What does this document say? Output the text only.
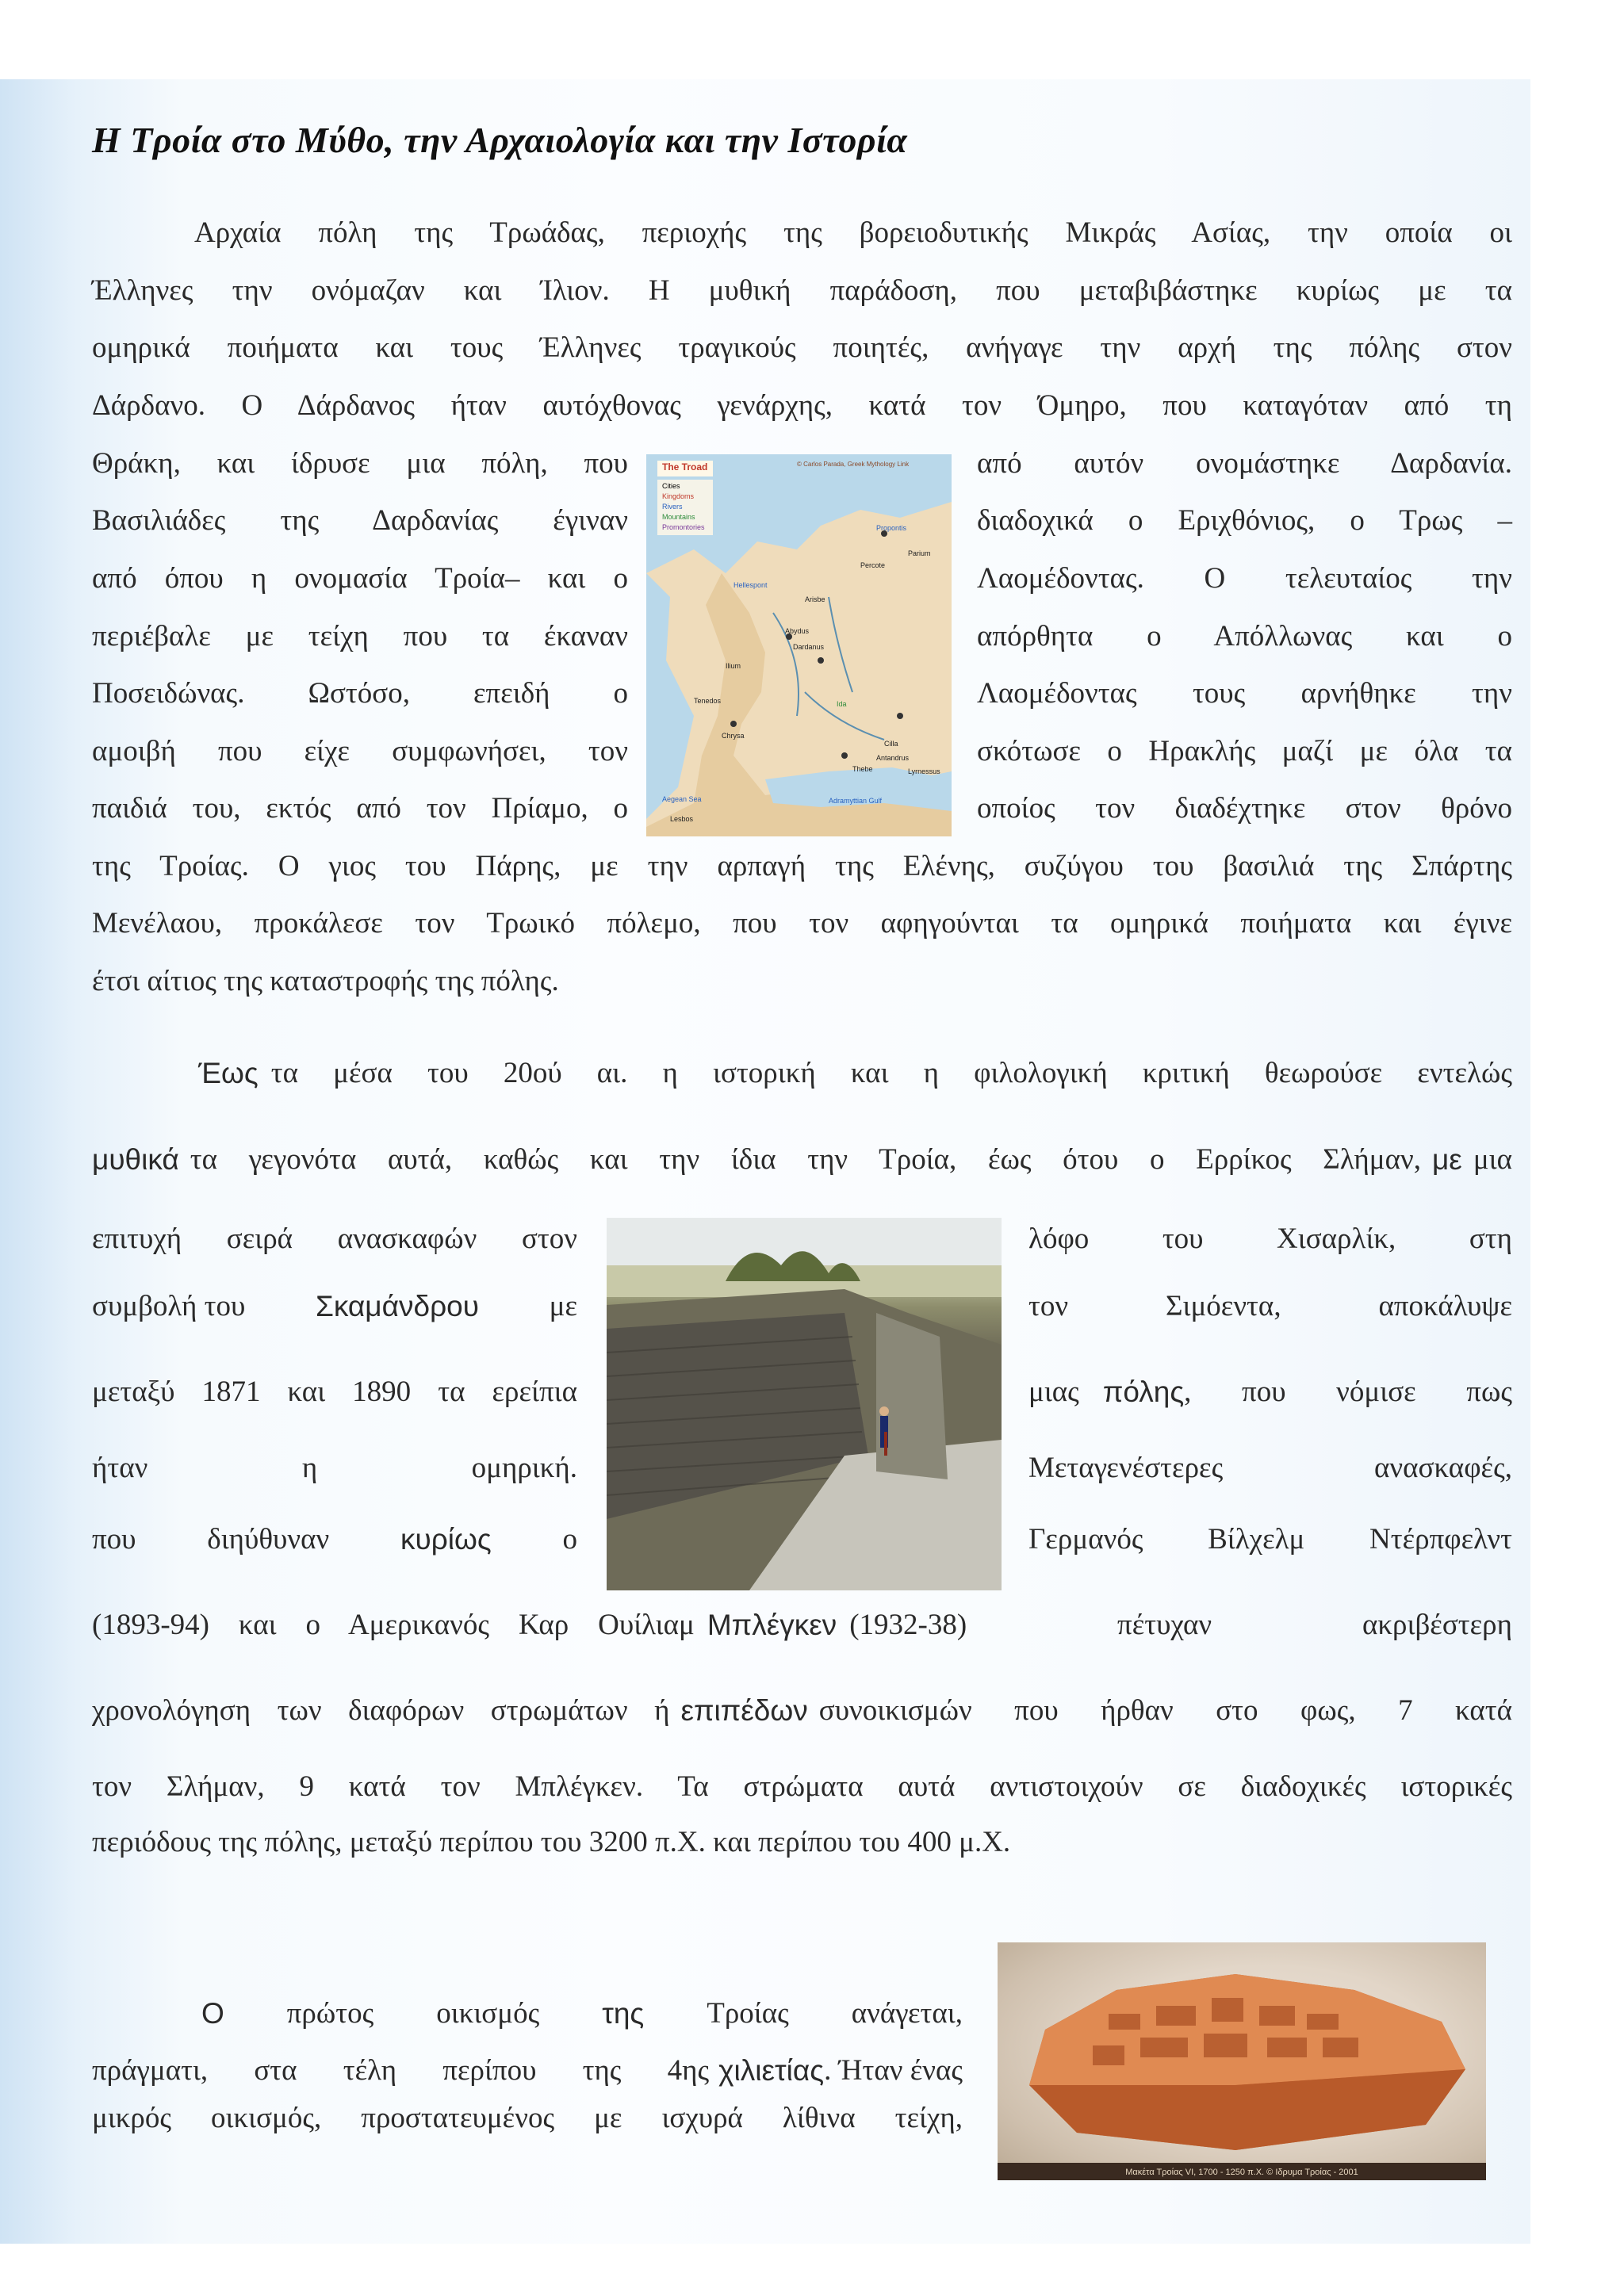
Η Τροία στο Μύθο, την Αρχαιολογία και την Ιστορία
Αρχαία πόλη της Τρωάδας, περιοχής της βορειοδυτικής Μικράς Ασίας, την οποία οι
Έλληνες την ονόμαζαν και Ίλιον. Η μυθική παράδοση, που μεταβιβάστηκε κυρίως με τα
ομηρικά ποιήματα και τους Έλληνες τραγικούς ποιητές, ανήγαγε την αρχή της πόλης στον
Δάρδανο. Ο Δάρδανος ήταν αυτόχθονας γενάρχης, κατά τον Όμηρο, που καταγόταν από τη
Θράκη, και ίδρυσε μια πόλη, που
Βασιλιάδες της Δαρδανίας έγιναν
από όπου η ονομασία Τροία– και ο
περιέβαλε με τείχη που τα έκαναν
Ποσειδώνας. Ωστόσο, επειδή ο
αμοιβή που είχε συμφωνήσει, τον
παιδιά του, εκτός από τον Πρίαμο, ο
από αυτόν ονομάστηκε Δαρδανία.
διαδοχικά ο Εριχθόνιος, ο Τρως –
Λαομέδοντας. Ο τελευταίος την
απόρθητα ο Απόλλωνας και ο
Λαομέδοντας τους αρνήθηκε την
σκότωσε ο Ηρακλής μαζί με όλα τα
οποίος τον διαδέχτηκε στον θρόνο
της Τροίας. Ο γιος του Πάρης, με την αρπαγή της Ελένης, συζύγου του βασιλιά της Σπάρτης
Μενέλαου, προκάλεσε τον Τρωικό πόλεμο, που τον αφηγούνται τα ομηρικά ποιήματα και έγινε
έτσι αίτιος της καταστροφής της πόλης.
The Troad	© Carlos Parada, Greek Mythology Link
Cities
Kingdoms
Rivers
Mountains
Promontories	Propontis
Parium
Percote
Arisbe
Abydus
Dardanus
Ilium
Tenedos
Chrysa
Cilla
Thebe
Antandrus
Lyrnessus
Hellespont
Aegean Sea	Adramyttian Gulf
Ida
Lesbos
Έως τα μέσα του 20ού αι. η ιστορική και η φιλολογική κριτική θεωρούσε εντελώς
μυθικά τα γεγονότα αυτά, καθώς και την ίδια την Τροία, έως ότου ο Ερρίκος Σλήμαν, με μια
επιτυχή σειρά ανασκαφών στον
συμβολή του Σκαμάνδρου με
μεταξύ 1871 και 1890 τα ερείπια
ήταν	η	ομηρική.
που διηύθυναν κυρίως ο
λόφο	του	Χισαρλίκ,	στη
τον	Σιμόεντα,	αποκάλυψε
μιας πόλης , που νόμισε πως
Μεταγενέστερες	ανασκαφές,
Γερμανός Βίλχελμ Ντέρπφελντ
(1893-94) και ο Αμερικανός Καρ Ουίλιαμ Μπλέγκεν (1932-38) πέτυχαν ακριβέστερη
χρονολόγηση των διαφόρων στρωμάτων ή επιπέδων συνοικισμών που ήρθαν στο φως, 7 κατά
τον Σλήμαν, 9 κατά τον Μπλέγκεν. Τα στρώματα αυτά αντιστοιχούν σε διαδοχικές ιστορικές
περιόδους της πόλης, μεταξύ περίπου του 3200 π.Χ. και περίπου του 400 μ.Χ.
Ο πρώτος οικισμός της Τροίας ανάγεται,
πράγματι, στα τέλη περίπου της 4ης χιλιετίας . Ήταν ένας
μικρός οικισμός, προστατευμένος με ισχυρά λίθινα τείχη,
Μακέτα Τροίας VI, 1700 - 1250 π.Χ. © Ιδρυμα Τροίας - 2001
